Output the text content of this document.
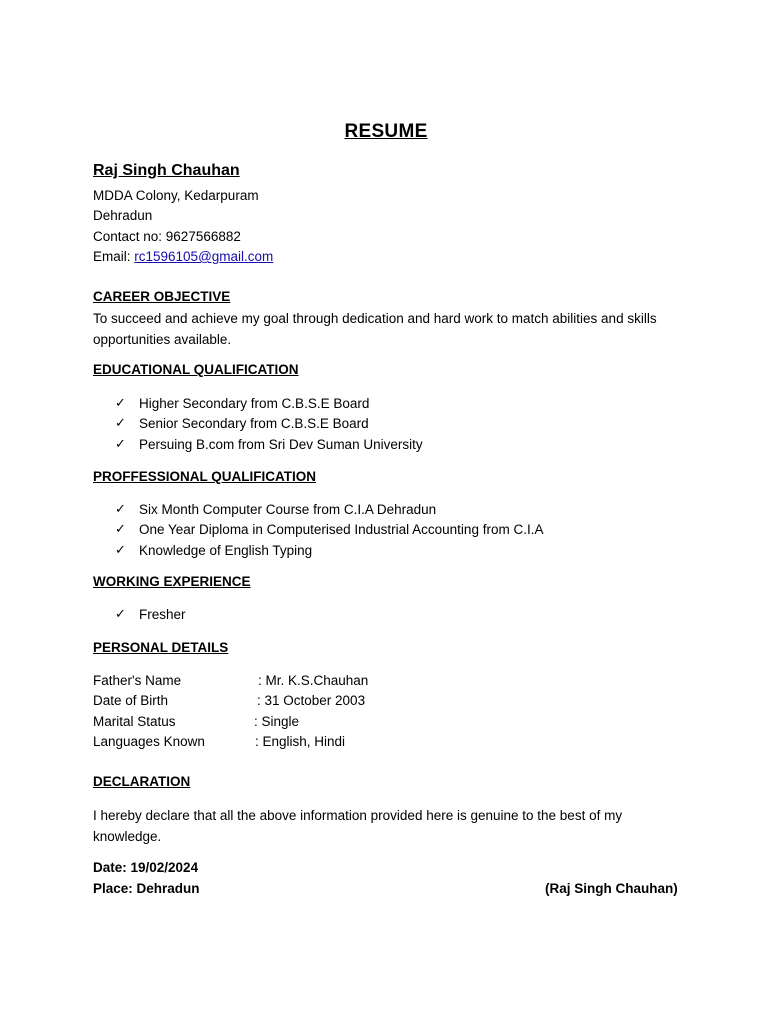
RESUME
Raj Singh Chauhan
MDDA Colony, Kedarpuram
Dehradun
Contact no: 9627566882
Email: rc1596105@gmail.com
CAREER OBJECTIVE
To succeed and achieve my goal through dedication and hard work to match abilities and skills opportunities available.
EDUCATIONAL QUALIFICATION
✓ Higher Secondary from C.B.S.E Board
✓ Senior Secondary from C.B.S.E Board
✓ Persuing B.com from Sri Dev Suman University
PROFFESSIONAL QUALIFICATION
✓ Six Month Computer Course from C.I.A Dehradun
✓ One Year Diploma in Computerised Industrial Accounting from C.I.A
✓ Knowledge of English Typing
WORKING EXPERIENCE
✓ Fresher
PERSONAL DETAILS
Father's Name	: Mr. K.S.Chauhan
Date of Birth	: 31 October 2003
Marital Status	: Single
Languages Known	: English, Hindi
DECLARATION
I hereby declare that all the above information provided here is genuine to the best of my knowledge.
Date: 19/02/2024
Place: Dehradun	(Raj Singh Chauhan)
